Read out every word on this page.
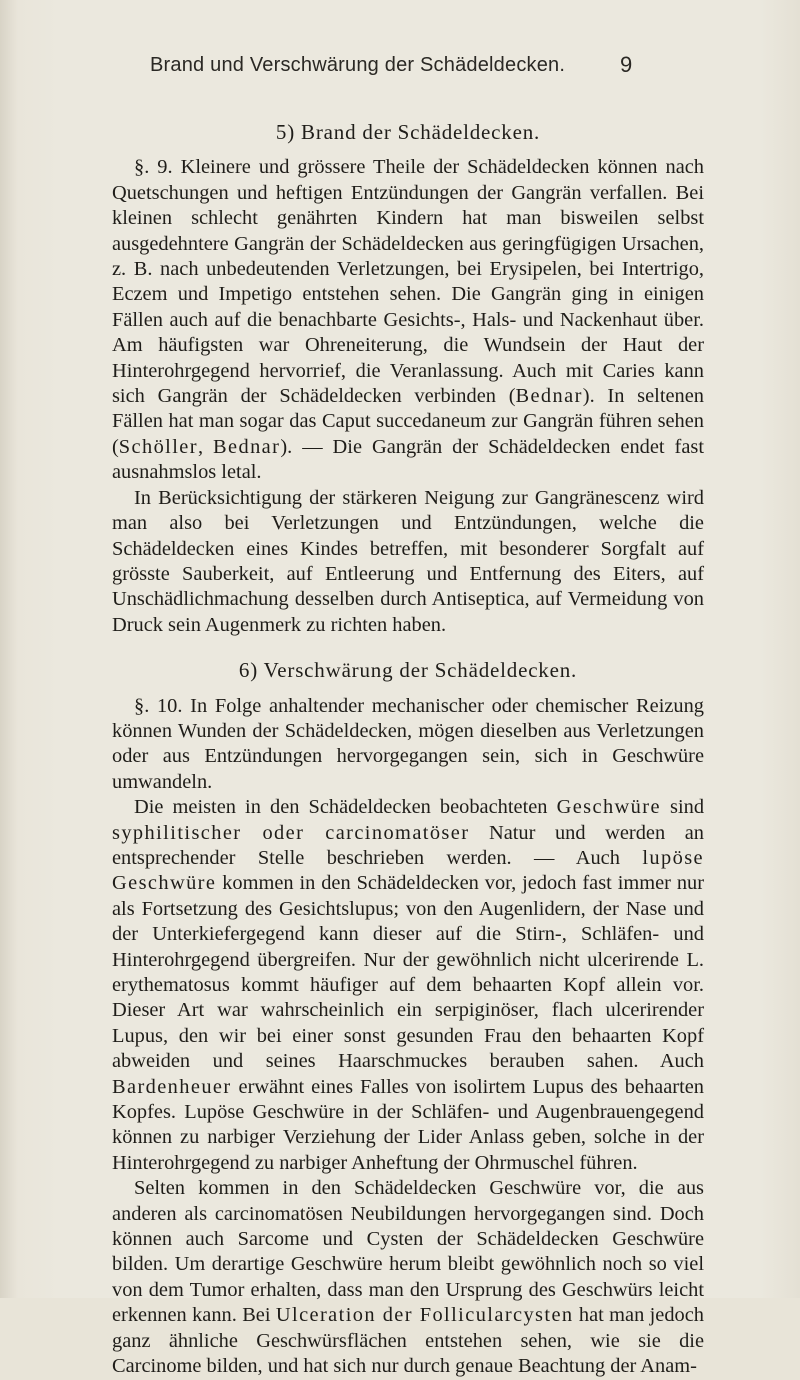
Brand und Verschwärung der Schädeldecken. 9
5) Brand der Schädeldecken.

§. 9. Kleinere und grössere Theile der Schädeldecken können nach Quetschungen und heftigen Entzündungen der Gangrän verfallen. Bei kleinen schlecht genährten Kindern hat man bisweilen selbst ausgedehntere Gangrän der Schädeldecken aus geringfügigen Ursachen, z. B. nach unbedeutenden Verletzungen, bei Erysipelen, bei Intertrigo, Eczem und Impetigo entstehen sehen. Die Gangrän ging in einigen Fällen auch auf die benachbarte Gesichts-, Hals- und Nackenhaut über. Am häufigsten war Ohreneiterung, die Wundsein der Haut der Hinterohrgegend hervorrief, die Veranlassung. Auch mit Caries kann sich Gangrän der Schädeldecken verbinden (Bednar). In seltenen Fällen hat man sogar das Caput succedaneum zur Gangrän führen sehen (Schöller, Bednar). — Die Gangrän der Schädeldecken endet fast ausnahmslos letal.

In Berücksichtigung der stärkeren Neigung zur Gangränescenz wird man also bei Verletzungen und Entzündungen, welche die Schädeldecken eines Kindes betreffen, mit besonderer Sorgfalt auf grösste Sauberkeit, auf Entleerung und Entfernung des Eiters, auf Unschädlichmachung desselben durch Antiseptica, auf Vermeidung von Druck sein Augenmerk zu richten haben.

6) Verschwärung der Schädeldecken.

§. 10. In Folge anhaltender mechanischer oder chemischer Reizung können Wunden der Schädeldecken, mögen dieselben aus Verletzungen oder aus Entzündungen hervorgegangen sein, sich in Geschwüre umwandeln.

Die meisten in den Schädeldecken beobachteten Geschwüre sind syphilitischer oder carcinomatöser Natur und werden an entsprechender Stelle beschrieben werden. — Auch lupöse Geschwüre kommen in den Schädeldecken vor, jedoch fast immer nur als Fortsetzung des Gesichtslupus; von den Augenlidern, der Nase und der Unterkiefergegend kann dieser auf die Stirn-, Schläfen- und Hinterohrgegend übergreifen. Nur der gewöhnlich nicht ulcerirende L. erythematosus kommt häufiger auf dem behaarten Kopf allein vor. Dieser Art war wahrscheinlich ein serpiginöser, flach ulcerirender Lupus, den wir bei einer sonst gesunden Frau den behaarten Kopf abweiden und seines Haarschmuckes berauben sahen. Auch Bardenheuer erwähnt eines Falles von isolirtem Lupus des behaarten Kopfes. Lupöse Geschwüre in der Schläfen- und Augenbrauengegend können zu narbiger Verziehung der Lider Anlass geben, solche in der Hinterohrgegend zu narbiger Anheftung der Ohrmuschel führen.

Selten kommen in den Schädeldecken Geschwüre vor, die aus anderen als carcinomatösen Neubildungen hervorgegangen sind. Doch können auch Sarcome und Cysten der Schädeldecken Geschwüre bilden. Um derartige Geschwüre herum bleibt gewöhnlich noch so viel von dem Tumor erhalten, dass man den Ursprung des Geschwürs leicht erkennen kann. Bei Ulceration der Follicularcysten hat man jedoch ganz ähnliche Geschwürsflächen entstehen sehen, wie sie die Carcinome bilden, und hat sich nur durch genaue Beachtung der Anam-
